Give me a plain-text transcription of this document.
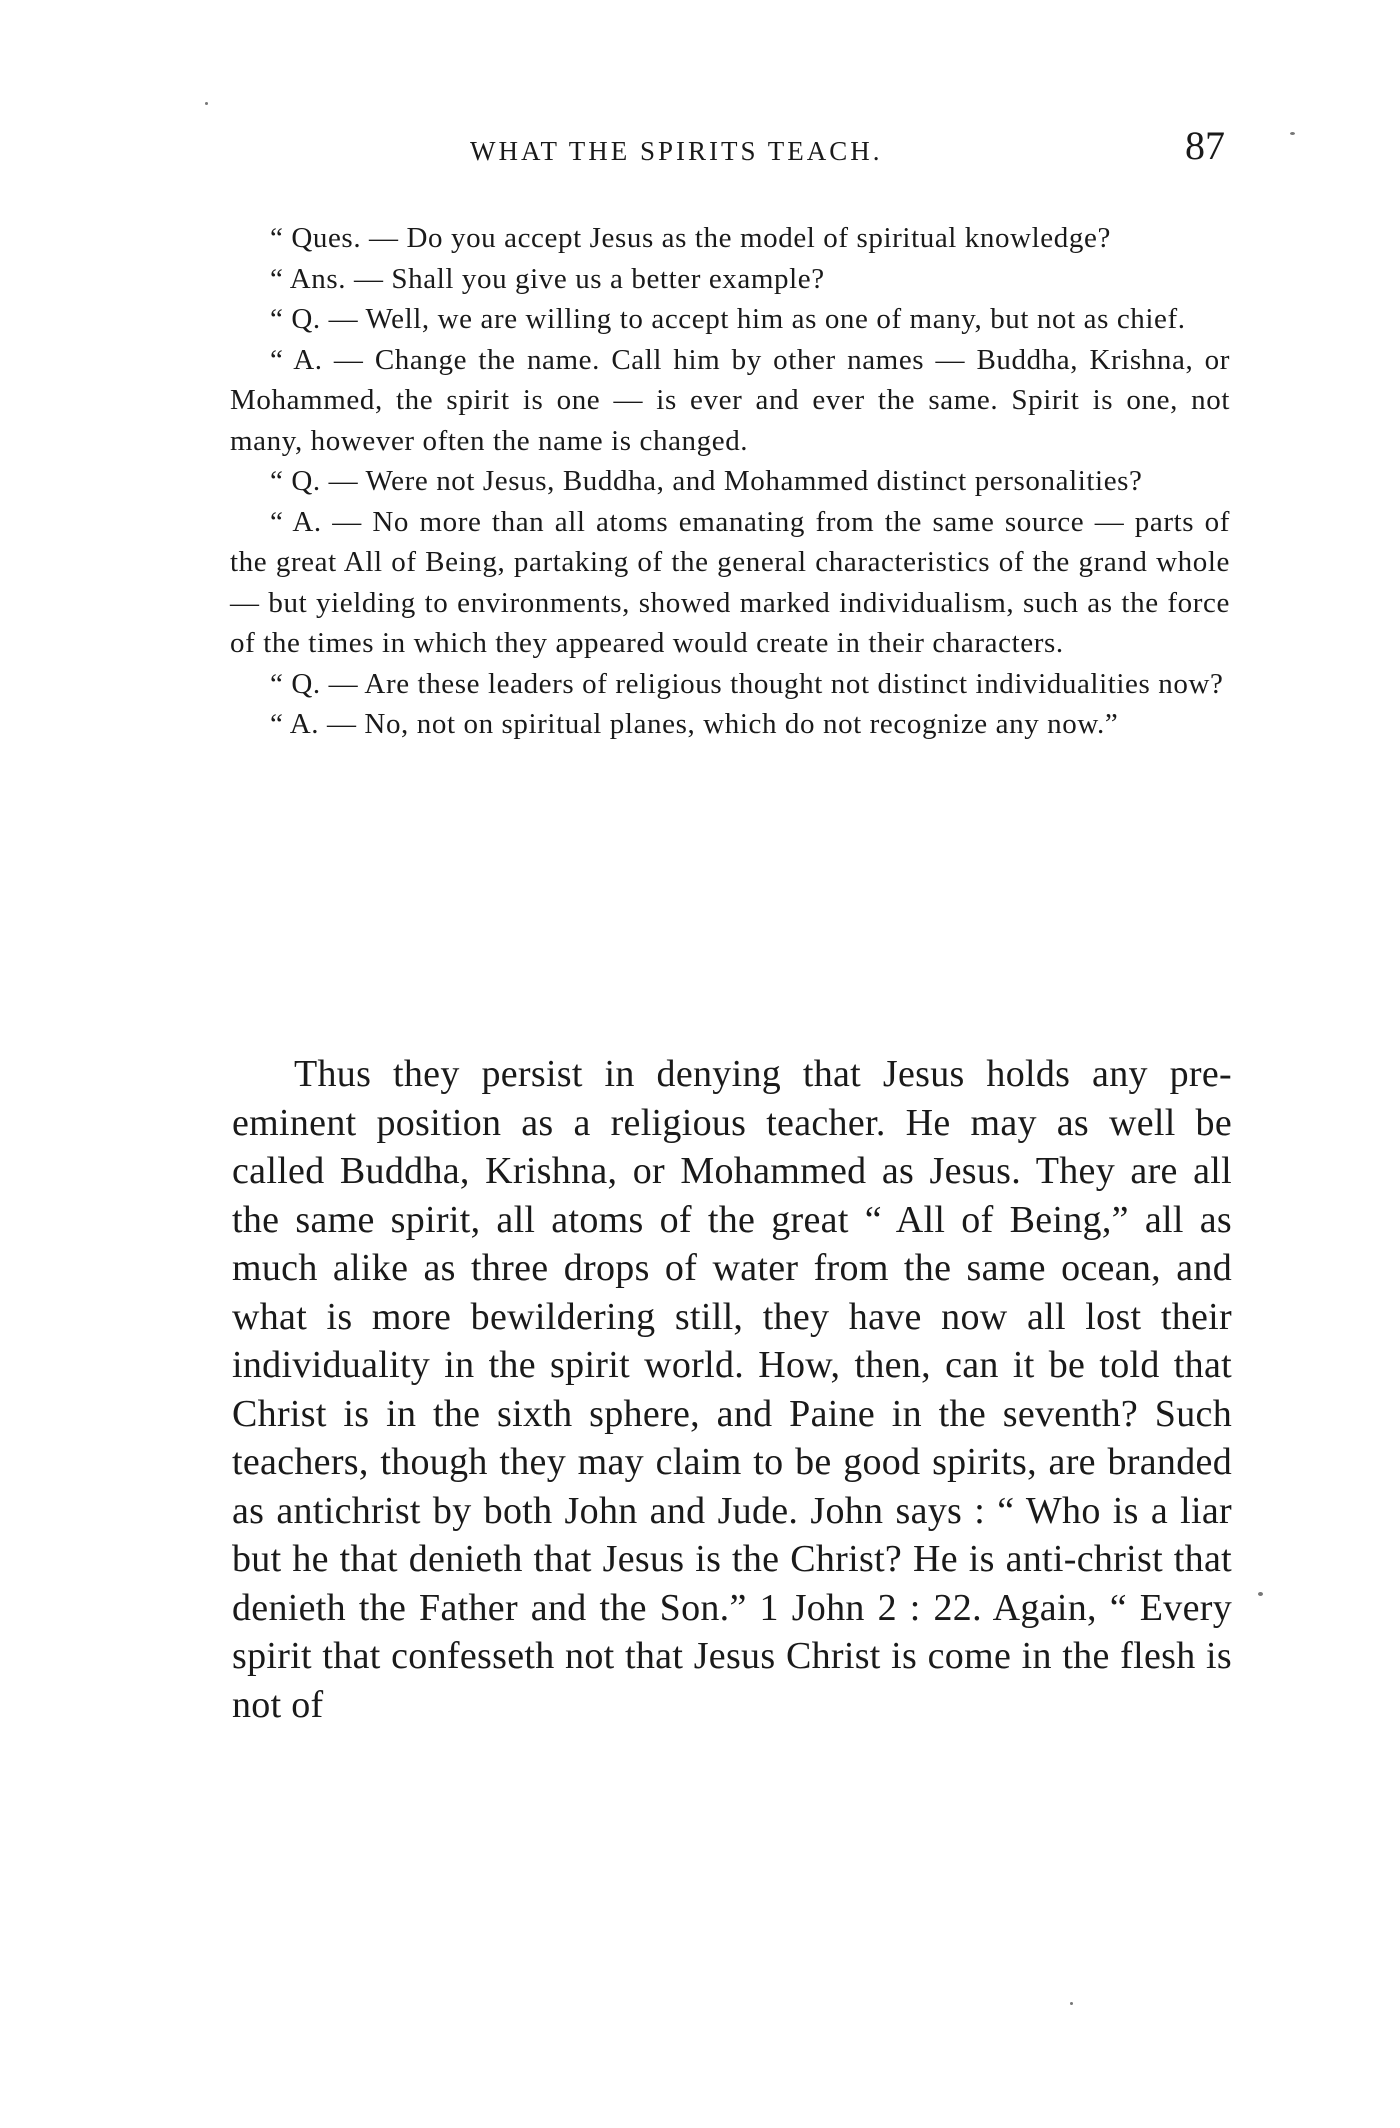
WHAT THE SPIRITS TEACH.	87

“ Ques. — Do you accept Jesus as the model of spiritual knowledge?

“ Ans. — Shall you give us a better example?

“ Q. — Well, we are willing to accept him as one of many, but not as chief.

“ A. — Change the name. Call him by other names — Buddha, Krishna, or Mohammed, the spirit is one — is ever and ever the same. Spirit is one, not many, however often the name is changed.

“ Q. — Were not Jesus, Buddha, and Mohammed distinct personalities?

“ A. — No more than all atoms emanating from the same source — parts of the great All of Being, partaking of the general characteristics of the grand whole — but yielding to environments, showed marked individualism, such as the force of the times in which they appeared would create in their characters.

“ Q. — Are these leaders of religious thought not distinct individualities now?

“ A. — No, not on spiritual planes, which do not recognize any now.”

Thus they persist in denying that Jesus holds any pre-eminent position as a religious teacher. He may as well be called Buddha, Krishna, or Mohammed as Jesus. They are all the same spirit, all atoms of the great “ All of Being,” all as much alike as three drops of water from the same ocean, and what is more bewildering still, they have now all lost their individuality in the spirit world. How, then, can it be told that Christ is in the sixth sphere, and Paine in the seventh? Such teachers, though they may claim to be good spirits, are branded as antichrist by both John and Jude. John says : “ Who is a liar but he that denieth that Jesus is the Christ? He is anti-christ that denieth the Father and the Son.” 1 John 2 : 22. Again, “ Every spirit that confesseth not that Jesus Christ is come in the flesh is not of
